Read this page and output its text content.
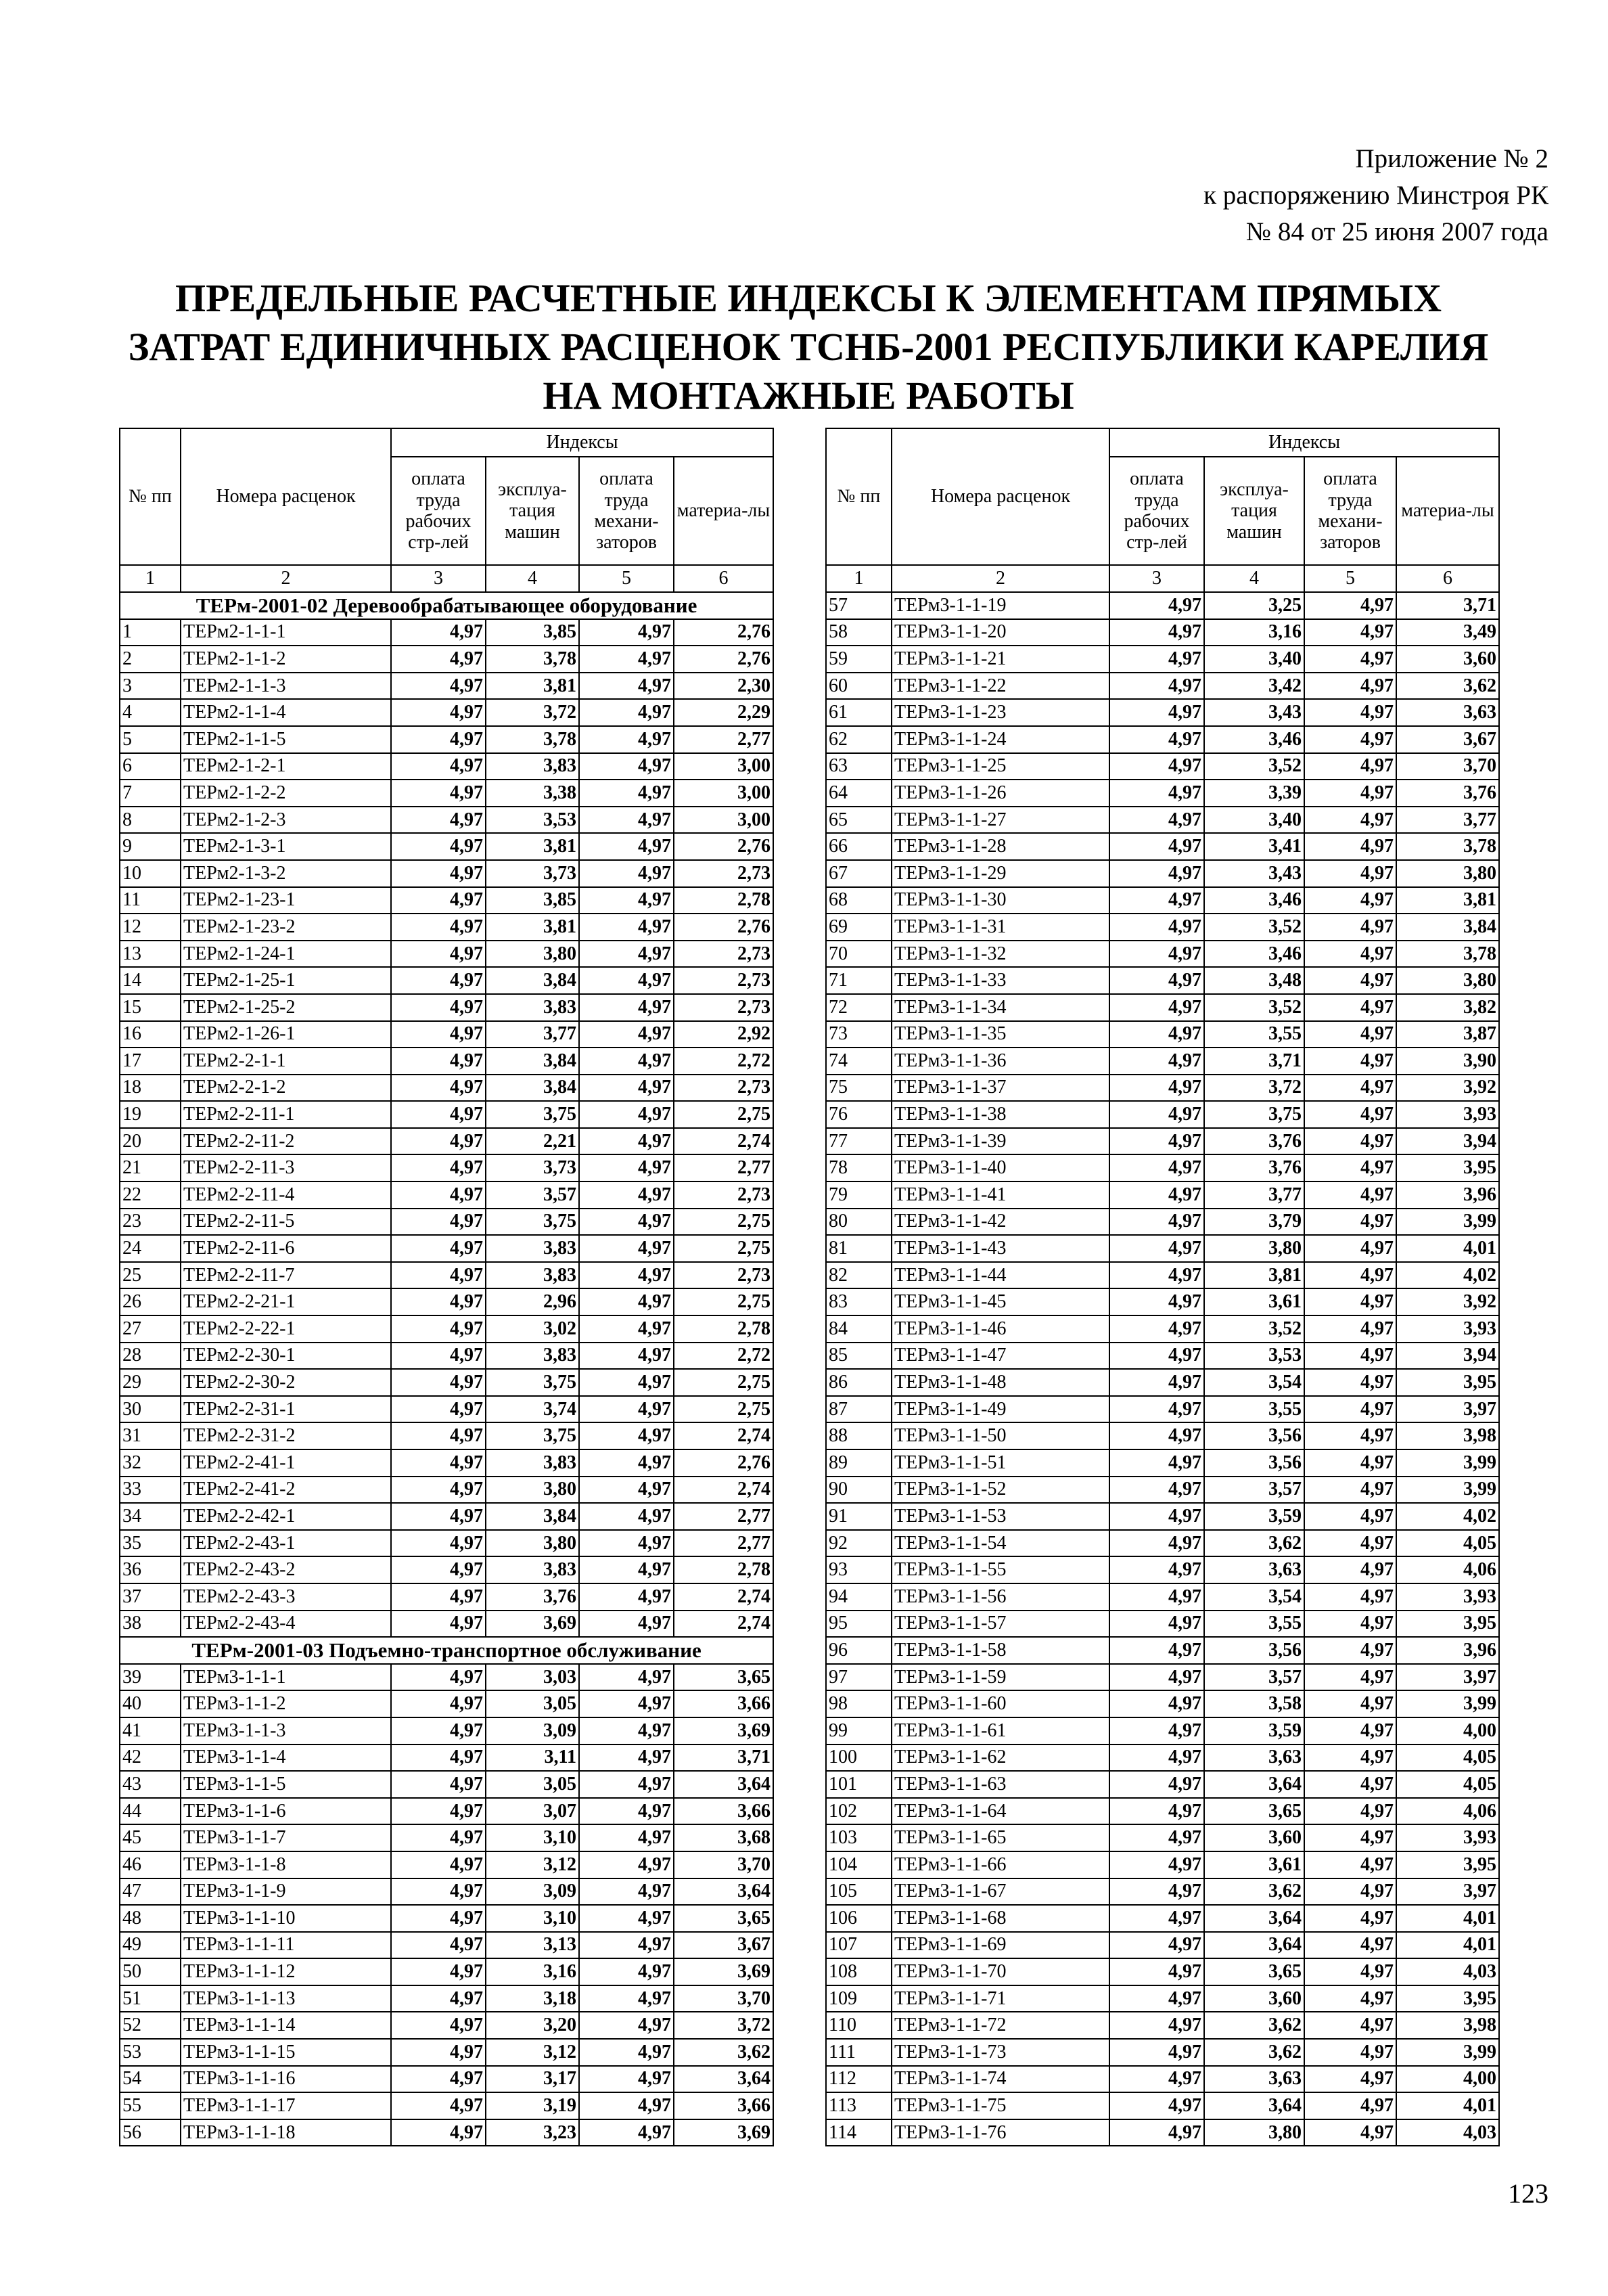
Приложение № 2
к распоряжению Минстроя РК
№ 84 от 25 июня 2007 года
ПРЕДЕЛЬНЫЕ РАСЧЕТНЫЕ ИНДЕКСЫ К ЭЛЕМЕНТАМ ПРЯМЫХ
ЗАТРАТ ЕДИНИЧНЫХ РАСЦЕНОК ТСНБ-2001 РЕСПУБЛИКИ КАРЕЛИЯ
НА МОНТАЖНЫЕ РАБОТЫ
№ пп	Номера расценок	Индексы			
		оплата труда рабочих стр-лей	эксплуа-тация машин	оплата труда механи-заторов	материа-лы
1	2	3	4	5	6
ТЕРм-2001-02 Деревообрабатывающее оборудование					
1	ТЕРм2-1-1-1	4,97	3,85	4,97	2,76
2	ТЕРм2-1-1-2	4,97	3,78	4,97	2,76
3	ТЕРм2-1-1-3	4,97	3,81	4,97	2,30
4	ТЕРм2-1-1-4	4,97	3,72	4,97	2,29
5	ТЕРм2-1-1-5	4,97	3,78	4,97	2,77
6	ТЕРм2-1-2-1	4,97	3,83	4,97	3,00
7	ТЕРм2-1-2-2	4,97	3,38	4,97	3,00
8	ТЕРм2-1-2-3	4,97	3,53	4,97	3,00
9	ТЕРм2-1-3-1	4,97	3,81	4,97	2,76
10	ТЕРм2-1-3-2	4,97	3,73	4,97	2,73
11	ТЕРм2-1-23-1	4,97	3,85	4,97	2,78
12	ТЕРм2-1-23-2	4,97	3,81	4,97	2,76
13	ТЕРм2-1-24-1	4,97	3,80	4,97	2,73
14	ТЕРм2-1-25-1	4,97	3,84	4,97	2,73
15	ТЕРм2-1-25-2	4,97	3,83	4,97	2,73
16	ТЕРм2-1-26-1	4,97	3,77	4,97	2,92
17	ТЕРм2-2-1-1	4,97	3,84	4,97	2,72
18	ТЕРм2-2-1-2	4,97	3,84	4,97	2,73
19	ТЕРм2-2-11-1	4,97	3,75	4,97	2,75
20	ТЕРм2-2-11-2	4,97	2,21	4,97	2,74
21	ТЕРм2-2-11-3	4,97	3,73	4,97	2,77
22	ТЕРм2-2-11-4	4,97	3,57	4,97	2,73
23	ТЕРм2-2-11-5	4,97	3,75	4,97	2,75
24	ТЕРм2-2-11-6	4,97	3,83	4,97	2,75
25	ТЕРм2-2-11-7	4,97	3,83	4,97	2,73
26	ТЕРм2-2-21-1	4,97	2,96	4,97	2,75
27	ТЕРм2-2-22-1	4,97	3,02	4,97	2,78
28	ТЕРм2-2-30-1	4,97	3,83	4,97	2,72
29	ТЕРм2-2-30-2	4,97	3,75	4,97	2,75
30	ТЕРм2-2-31-1	4,97	3,74	4,97	2,75
31	ТЕРм2-2-31-2	4,97	3,75	4,97	2,74
32	ТЕРм2-2-41-1	4,97	3,83	4,97	2,76
33	ТЕРм2-2-41-2	4,97	3,80	4,97	2,74
34	ТЕРм2-2-42-1	4,97	3,84	4,97	2,77
35	ТЕРм2-2-43-1	4,97	3,80	4,97	2,77
36	ТЕРм2-2-43-2	4,97	3,83	4,97	2,78
37	ТЕРм2-2-43-3	4,97	3,76	4,97	2,74
38	ТЕРм2-2-43-4	4,97	3,69	4,97	2,74
ТЕРм-2001-03 Подъемно-транспортное обслуживание					
39	ТЕРм3-1-1-1	4,97	3,03	4,97	3,65
40	ТЕРм3-1-1-2	4,97	3,05	4,97	3,66
41	ТЕРм3-1-1-3	4,97	3,09	4,97	3,69
42	ТЕРм3-1-1-4	4,97	3,11	4,97	3,71
43	ТЕРм3-1-1-5	4,97	3,05	4,97	3,64
44	ТЕРм3-1-1-6	4,97	3,07	4,97	3,66
45	ТЕРм3-1-1-7	4,97	3,10	4,97	3,68
46	ТЕРм3-1-1-8	4,97	3,12	4,97	3,70
47	ТЕРм3-1-1-9	4,97	3,09	4,97	3,64
48	ТЕРм3-1-1-10	4,97	3,10	4,97	3,65
49	ТЕРм3-1-1-11	4,97	3,13	4,97	3,67
50	ТЕРм3-1-1-12	4,97	3,16	4,97	3,69
51	ТЕРм3-1-1-13	4,97	3,18	4,97	3,70
52	ТЕРм3-1-1-14	4,97	3,20	4,97	3,72
53	ТЕРм3-1-1-15	4,97	3,12	4,97	3,62
54	ТЕРм3-1-1-16	4,97	3,17	4,97	3,64
55	ТЕРм3-1-1-17	4,97	3,19	4,97	3,66
56	ТЕРм3-1-1-18	4,97	3,23	4,97	3,69
№ пп	Номера расценок	Индексы			
		оплата труда рабочих стр-лей	эксплуа-тация машин	оплата труда механи-заторов	материа-лы
1	2	3	4	5	6
57	ТЕРм3-1-1-19	4,97	3,25	4,97	3,71
58	ТЕРм3-1-1-20	4,97	3,16	4,97	3,49
59	ТЕРм3-1-1-21	4,97	3,40	4,97	3,60
60	ТЕРм3-1-1-22	4,97	3,42	4,97	3,62
61	ТЕРм3-1-1-23	4,97	3,43	4,97	3,63
62	ТЕРм3-1-1-24	4,97	3,46	4,97	3,67
63	ТЕРм3-1-1-25	4,97	3,52	4,97	3,70
64	ТЕРм3-1-1-26	4,97	3,39	4,97	3,76
65	ТЕРм3-1-1-27	4,97	3,40	4,97	3,77
66	ТЕРм3-1-1-28	4,97	3,41	4,97	3,78
67	ТЕРм3-1-1-29	4,97	3,43	4,97	3,80
68	ТЕРм3-1-1-30	4,97	3,46	4,97	3,81
69	ТЕРм3-1-1-31	4,97	3,52	4,97	3,84
70	ТЕРм3-1-1-32	4,97	3,46	4,97	3,78
71	ТЕРм3-1-1-33	4,97	3,48	4,97	3,80
72	ТЕРм3-1-1-34	4,97	3,52	4,97	3,82
73	ТЕРм3-1-1-35	4,97	3,55	4,97	3,87
74	ТЕРм3-1-1-36	4,97	3,71	4,97	3,90
75	ТЕРм3-1-1-37	4,97	3,72	4,97	3,92
76	ТЕРм3-1-1-38	4,97	3,75	4,97	3,93
77	ТЕРм3-1-1-39	4,97	3,76	4,97	3,94
78	ТЕРм3-1-1-40	4,97	3,76	4,97	3,95
79	ТЕРм3-1-1-41	4,97	3,77	4,97	3,96
80	ТЕРм3-1-1-42	4,97	3,79	4,97	3,99
81	ТЕРм3-1-1-43	4,97	3,80	4,97	4,01
82	ТЕРм3-1-1-44	4,97	3,81	4,97	4,02
83	ТЕРм3-1-1-45	4,97	3,61	4,97	3,92
84	ТЕРм3-1-1-46	4,97	3,52	4,97	3,93
85	ТЕРм3-1-1-47	4,97	3,53	4,97	3,94
86	ТЕРм3-1-1-48	4,97	3,54	4,97	3,95
87	ТЕРм3-1-1-49	4,97	3,55	4,97	3,97
88	ТЕРм3-1-1-50	4,97	3,56	4,97	3,98
89	ТЕРм3-1-1-51	4,97	3,56	4,97	3,99
90	ТЕРм3-1-1-52	4,97	3,57	4,97	3,99
91	ТЕРм3-1-1-53	4,97	3,59	4,97	4,02
92	ТЕРм3-1-1-54	4,97	3,62	4,97	4,05
93	ТЕРм3-1-1-55	4,97	3,63	4,97	4,06
94	ТЕРм3-1-1-56	4,97	3,54	4,97	3,93
95	ТЕРм3-1-1-57	4,97	3,55	4,97	3,95
96	ТЕРм3-1-1-58	4,97	3,56	4,97	3,96
97	ТЕРм3-1-1-59	4,97	3,57	4,97	3,97
98	ТЕРм3-1-1-60	4,97	3,58	4,97	3,99
99	ТЕРм3-1-1-61	4,97	3,59	4,97	4,00
100	ТЕРм3-1-1-62	4,97	3,63	4,97	4,05
101	ТЕРм3-1-1-63	4,97	3,64	4,97	4,05
102	ТЕРм3-1-1-64	4,97	3,65	4,97	4,06
103	ТЕРм3-1-1-65	4,97	3,60	4,97	3,93
104	ТЕРм3-1-1-66	4,97	3,61	4,97	3,95
105	ТЕРм3-1-1-67	4,97	3,62	4,97	3,97
106	ТЕРм3-1-1-68	4,97	3,64	4,97	4,01
107	ТЕРм3-1-1-69	4,97	3,64	4,97	4,01
108	ТЕРм3-1-1-70	4,97	3,65	4,97	4,03
109	ТЕРм3-1-1-71	4,97	3,60	4,97	3,95
110	ТЕРм3-1-1-72	4,97	3,62	4,97	3,98
111	ТЕРм3-1-1-73	4,97	3,62	4,97	3,99
112	ТЕРм3-1-1-74	4,97	3,63	4,97	4,00
113	ТЕРм3-1-1-75	4,97	3,64	4,97	4,01
114	ТЕРм3-1-1-76	4,97	3,80	4,97	4,03
123
